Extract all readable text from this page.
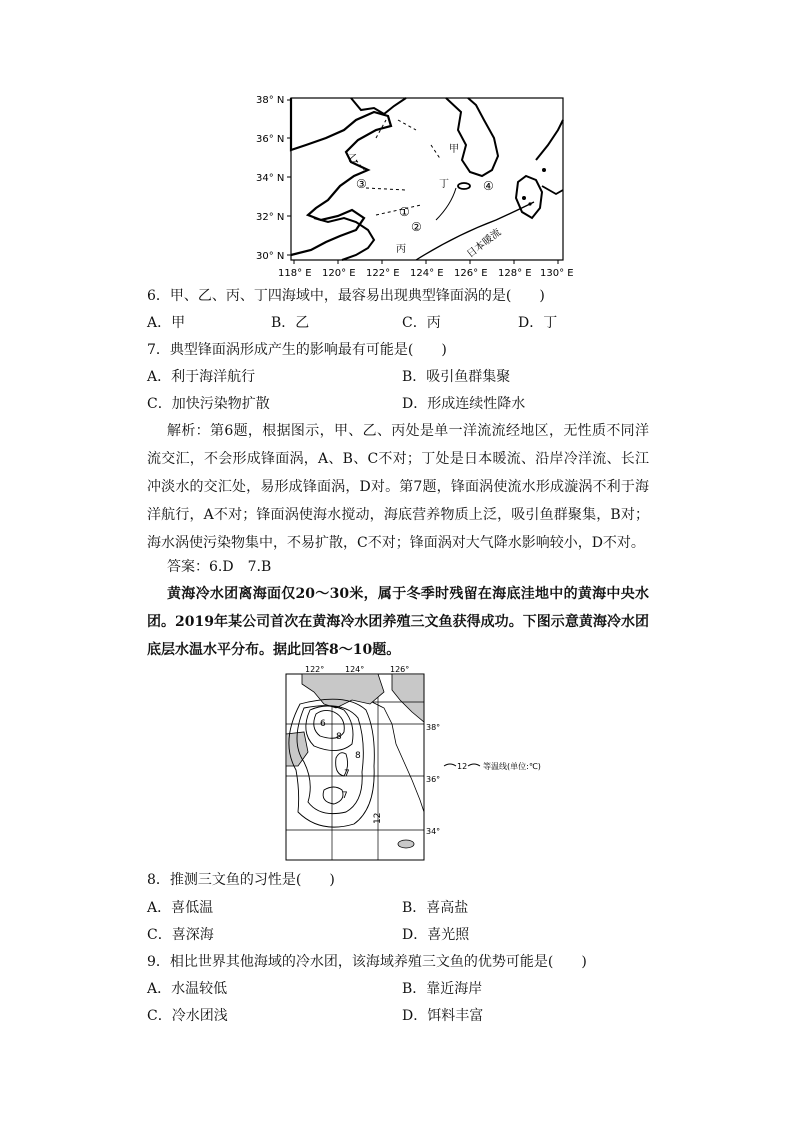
③
①
②
④
甲
乙
丙
丁
日本暖流
38° N
36° N
34° N
32° N
30° N
118° E 120° E 122° E 124° E 126° E 128° E 130° E
6．甲、乙、丙、丁四海域中，最容易出现典型锋面涡的是(　　)
A．甲	B．乙	C．丙	D．丁
7．典型锋面涡形成产生的影响最有可能是(　　)
A．利于海洋航行	B．吸引鱼群集聚
C．加快污染物扩散	D．形成连续性降水
解析：第6题，根据图示，甲、乙、丙处是单一洋流流经地区，无性质不同洋流交汇，不会形成锋面涡，A、B、C不对；丁处是日本暖流、沿岸冷洋流、长江冲淡水的交汇处，易形成锋面涡，D对。第7题，锋面涡使流水形成漩涡不利于海洋航行，A不对；锋面涡使海水搅动，海底营养物质上泛，吸引鱼群聚集，B对；海水涡使污染物集中，不易扩散，C不对；锋面涡对大气降水影响较小，D不对。
答案：6.D　7.B
黄海冷水团离海面仅20～30米，属于冬季时残留在海底洼地中的黄海中央水团。2019年某公司首次在黄海冷水团养殖三文鱼获得成功。下图示意黄海冷水团底层水温水平分布。据此回答8～10题。
6
8
8
7
7
12
122°	124°	126°
38°
36°
34°
12 等温线(单位:℃)
8．推测三文鱼的习性是(　　)
A．喜低温	B．喜高盐
C．喜深海	D．喜光照
9．相比世界其他海域的冷水团，该海域养殖三文鱼的优势可能是(　　)
A．水温较低	B．靠近海岸
C．冷水团浅	D．饵料丰富
